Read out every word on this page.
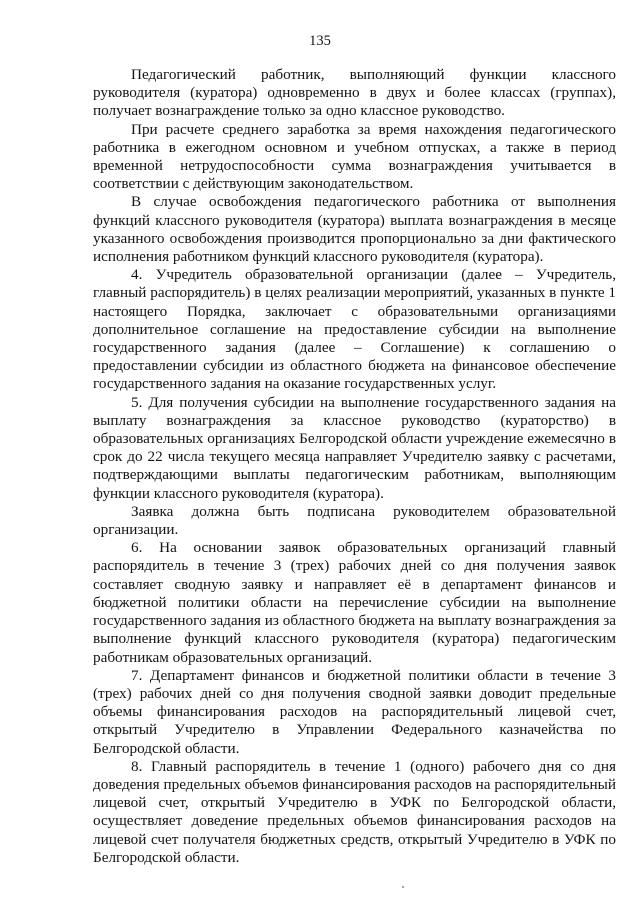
135

Педагогический работник, выполняющий функции классного руководителя (куратора) одновременно в двух и более классах (группах), получает вознаграждение только за одно классное руководство.

При расчете среднего заработка за время нахождения педагогического работника в ежегодном основном и учебном отпусках, а также в период временной нетрудоспособности сумма вознаграждения учитывается в соответствии с действующим законодательством.

В случае освобождения педагогического работника от выполнения функций классного руководителя (куратора) выплата вознаграждения в месяце указанного освобождения производится пропорционально за дни фактического исполнения работником функций классного руководителя (куратора).

4. Учредитель образовательной организации (далее – Учредитель, главный распорядитель) в целях реализации мероприятий, указанных в пункте 1 настоящего Порядка, заключает с образовательными организациями дополнительное соглашение на предоставление субсидии на выполнение государственного задания (далее – Соглашение) к соглашению о предоставлении субсидии из областного бюджета на финансовое обеспечение государственного задания на оказание государственных услуг.

5. Для получения субсидии на выполнение государственного задания на выплату вознаграждения за классное руководство (кураторство) в образовательных организациях Белгородской области учреждение ежемесячно в срок до 22 числа текущего месяца направляет Учредителю заявку с расчетами, подтверждающими выплаты педагогическим работникам, выполняющим функции классного руководителя (куратора).

Заявка должна быть подписана руководителем образовательной организации.

6. На основании заявок образовательных организаций главный распорядитель в течение 3 (трех) рабочих дней со дня получения заявок составляет сводную заявку и направляет её в департамент финансов и бюджетной политики области на перечисление субсидии на выполнение государственного задания из областного бюджета на выплату вознаграждения за выполнение функций классного руководителя (куратора) педагогическим работникам образовательных организаций.

7. Департамент финансов и бюджетной политики области в течение 3 (трех) рабочих дней со дня получения сводной заявки доводит предельные объемы финансирования расходов на распорядительный лицевой счет, открытый Учредителю в Управлении Федерального казначейства по Белгородской области.

8. Главный распорядитель в течение 1 (одного) рабочего дня со дня доведения предельных объемов финансирования расходов на распорядительный лицевой счет, открытый Учредителю в УФК по Белгородской области, осуществляет доведение предельных объемов финансирования расходов на лицевой счет получателя бюджетных средств, открытый Учредителю в УФК по Белгородской области.
